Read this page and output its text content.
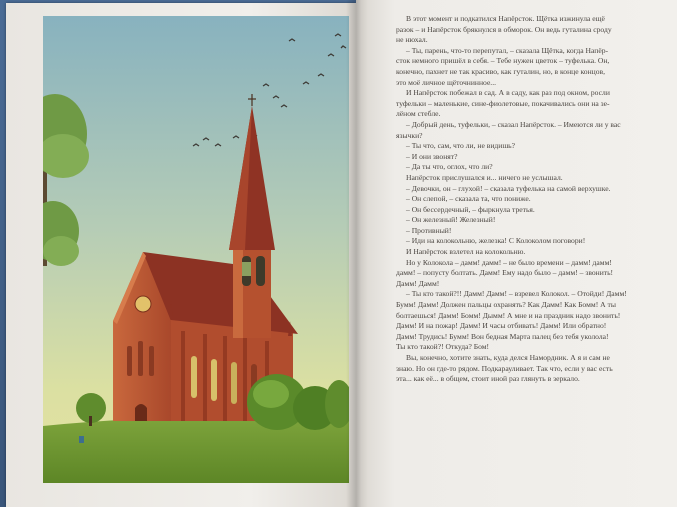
В этот момент и подкатился Напёрсток. Щётка изжинула ещё

разок – и Напёрсток брякнулся в обморок. Он ведь гуталина сроду

не нюхал.

– Ты, парень, что-то перепутал, – сказала Щётка, когда Напёр-

сток немного пришёл в себя. – Тебе нужен цветок – туфелька. Он,

конечно, пахнет не так красиво, как гуталин, но, в конце концов,

это моё личное щёточнинное...

И Напёрсток побежал в сад. А в саду, как раз под окном, росли

туфельки – маленькие, сине-фиолетовые, покачивались они на зе-

лёном стебле.

– Добрый день, туфельки, – сказал Напёрсток. – Имеются ли у вас

язычки?

– Ты что, сам, что ли, не видишь?

– И они звонят?

– Да ты что, оглох, что ли?

Напёрсток прислушался и... ничего не услышал.

– Девочки, он – глухой! – сказала туфелька на самой верхушке.

– Он слепой, – сказала та, что пониже.

– Он бессердечный, – фыркнула третья.

– Он железный! Железный!

– Противный!

– Иди на колокольню, железка! С Колоколом поговори!

И Напёрсток взлетел на колокольню.

Но у Колокола – дамм! дамм! – не было времени – дамм! дамм!

дамм! – попусту болтать. Дамм! Ему надо было – дамм! – звонить!

Дамм! Дамм!

– Ты кто такой?!! Дамм! Дамм! – взревел Колокол. – Отойди! Дамм!

Бумм! Дамм! Должен пальцы охранять? Как Дамм! Как Бомм! А ты

болтаешься! Дамм! Бомм! Дымм! А мне и на праздник надо звонить!

Дамм! И на пожар! Дамм! И часы отбивать! Дамм! Или обратно!

Дамм! Трудись! Бумм! Вон бедная Марта палец без тебя уколола!

Ты кто такой?! Откуда? Бом!

Вы, конечно, хотите знать, куда делся Намордник. А я и сам не

знаю. Но он где-то рядом. Подкарауливает. Так что, если у вас есть

эта... как её... в общем, стоит иной раз глянуть в зеркало.
